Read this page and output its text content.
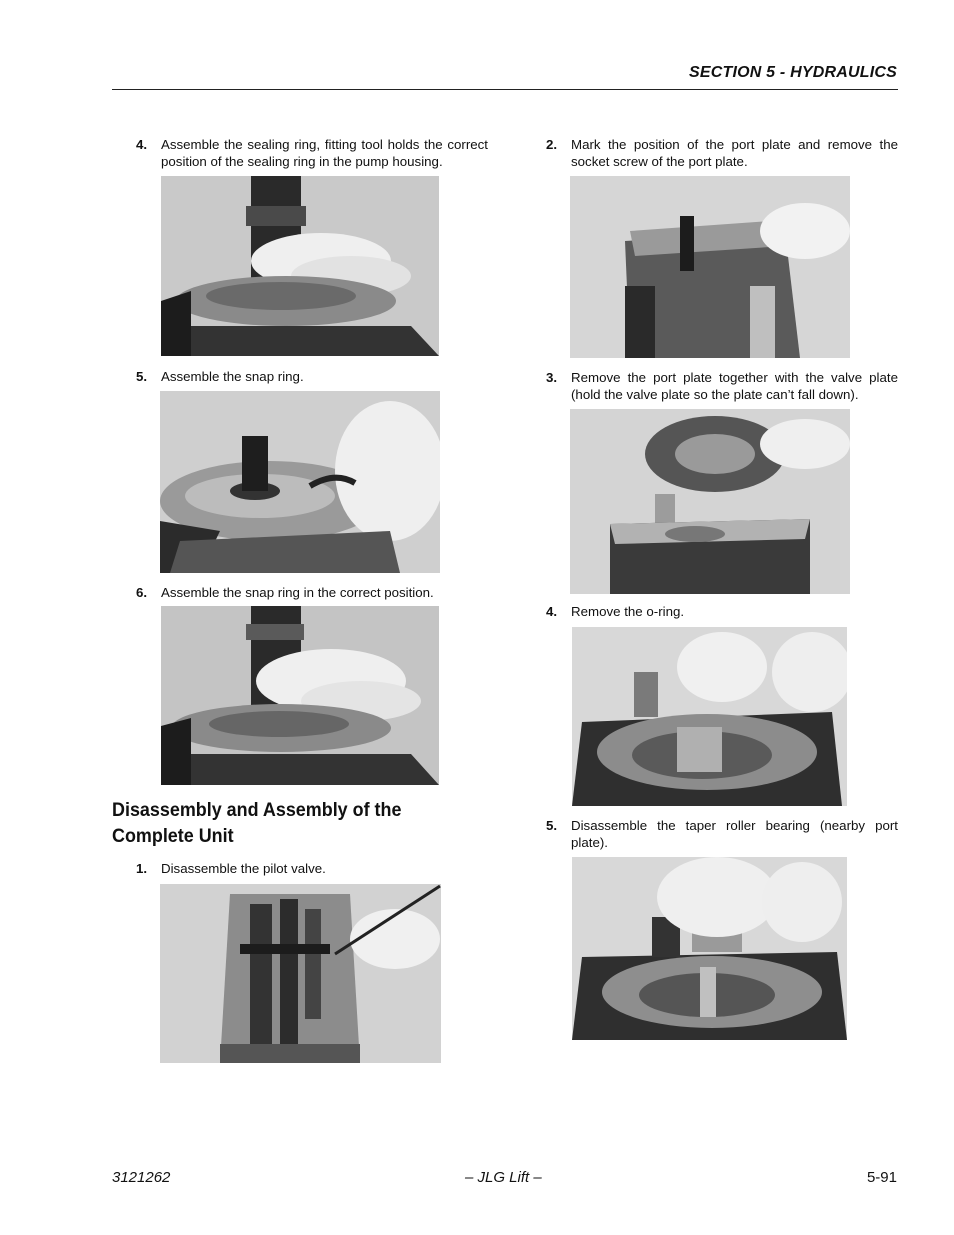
SECTION 5 - HYDRAULICS
4. Assemble the sealing ring, fitting tool holds the correct position of the sealing ring in the pump housing.
5. Assemble the snap ring.
6. Assemble the snap ring in the correct position.
Disassembly and Assembly of the Complete Unit
1. Disassemble the pilot valve.
2. Mark the position of the port plate and remove the socket screw of the port plate.
3. Remove the port plate together with the valve plate (hold the valve plate so the plate can’t fall down).
4. Remove the o-ring.
5. Disassemble the taper roller bearing (nearby port plate).
3121262	– JLG Lift –	5-91
